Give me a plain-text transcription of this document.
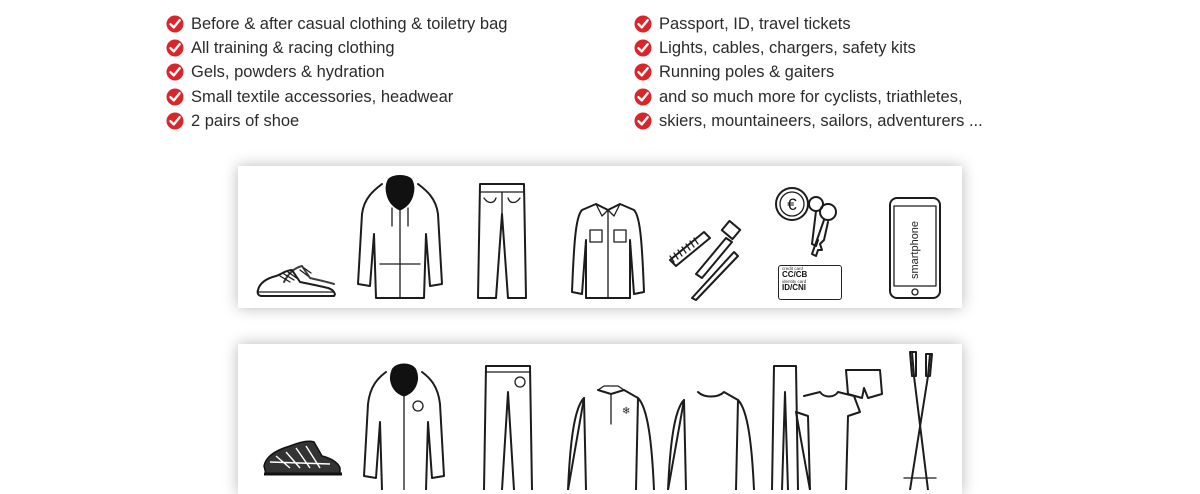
Before & after casual clothing & toiletry bag
All training & racing clothing
Gels, powders & hydration
Small textile accessories, headwear
2 pairs of shoe
Passport, ID, travel tickets
Lights, cables, chargers, safety kits
Running poles & gaiters
and so much more for cyclists, triathletes,
skiers, mountaineers, sailors, adventurers ...
€
credit card
CC/CB
identity card
ID/CNI
smartphone
❄
